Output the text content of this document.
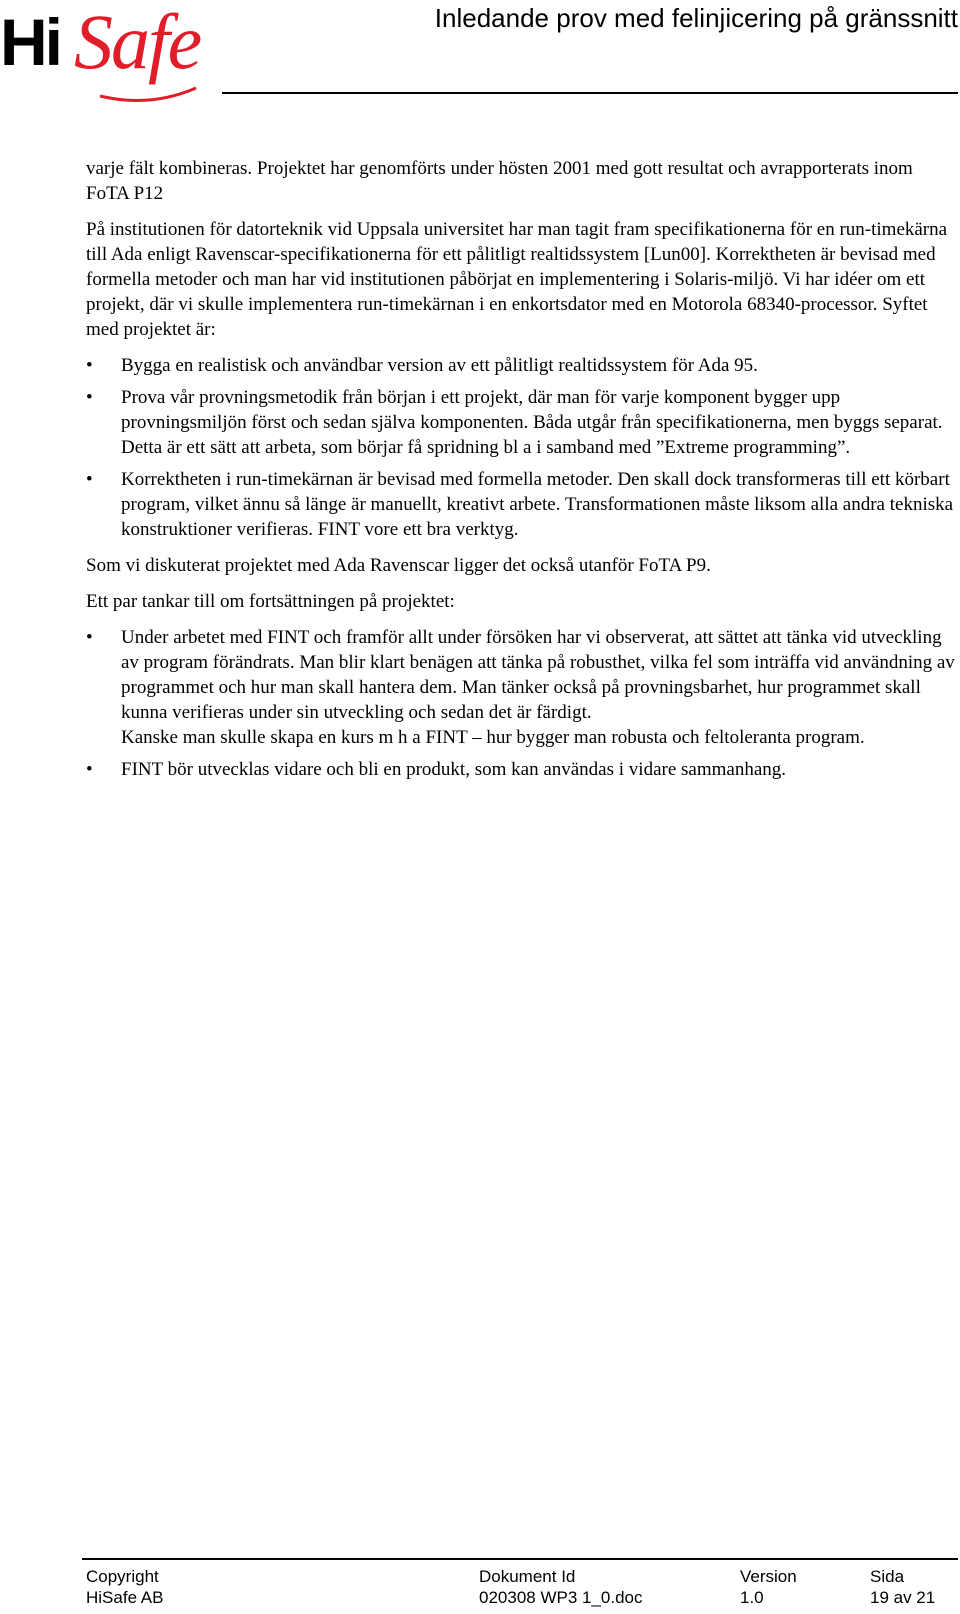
Hi Safe	Inledande prov med felinjicering på gränssnitt

varje fält kombineras. Projektet har genomförts under hösten 2001 med gott resultat och avrapporterats inom FoTA P12

På institutionen för datorteknik vid Uppsala universitet har man tagit fram specifikationerna för en run-timekärna till Ada enligt Ravenscar-specifikationerna för ett pålitligt realtidssystem [Lun00]. Korrektheten är bevisad med formella metoder och man har vid institutionen påbörjat en implementering i Solaris-miljö. Vi har idéer om ett projekt, där vi skulle implementera run-timekärnan i en enkortsdator med en Motorola 68340-processor. Syftet med projektet är:

• Bygga en realistisk och användbar version av ett pålitligt realtidssystem för Ada 95.
• Prova vår provningsmetodik från början i ett projekt, där man för varje komponent bygger upp provningsmiljön först och sedan själva komponenten. Båda utgår från specifikationerna, men byggs separat. Detta är ett sätt att arbeta, som börjar få spridning bl a i samband med ”Extreme programming”.
• Korrektheten i run-timekärnan är bevisad med formella metoder. Den skall dock transformeras till ett körbart program, vilket ännu så länge är manuellt, kreativt arbete. Transformationen måste liksom alla andra tekniska konstruktioner verifieras. FINT vore ett bra verktyg.

Som vi diskuterat projektet med Ada Ravenscar ligger det också utanför FoTA P9.

Ett par tankar till om fortsättningen på projektet:

• Under arbetet med FINT och framför allt under försöken har vi observerat, att sättet att tänka vid utveckling av program förändrats. Man blir klart benägen att tänka på robusthet, vilka fel som inträffa vid användning av programmet och hur man skall hantera dem. Man tänker också på provningsbarhet, hur programmet skall kunna verifieras under sin utveckling och sedan det är färdigt.
Kanske man skulle skapa en kurs m h a FINT – hur bygger man robusta och feltoleranta program.
• FINT bör utvecklas vidare och bli en produkt, som kan användas i vidare sammanhang.
Copyright
HiSafe AB
Dokument Id
020308 WP3 1_0.doc
Version
1.0
Sida
19 av 21
